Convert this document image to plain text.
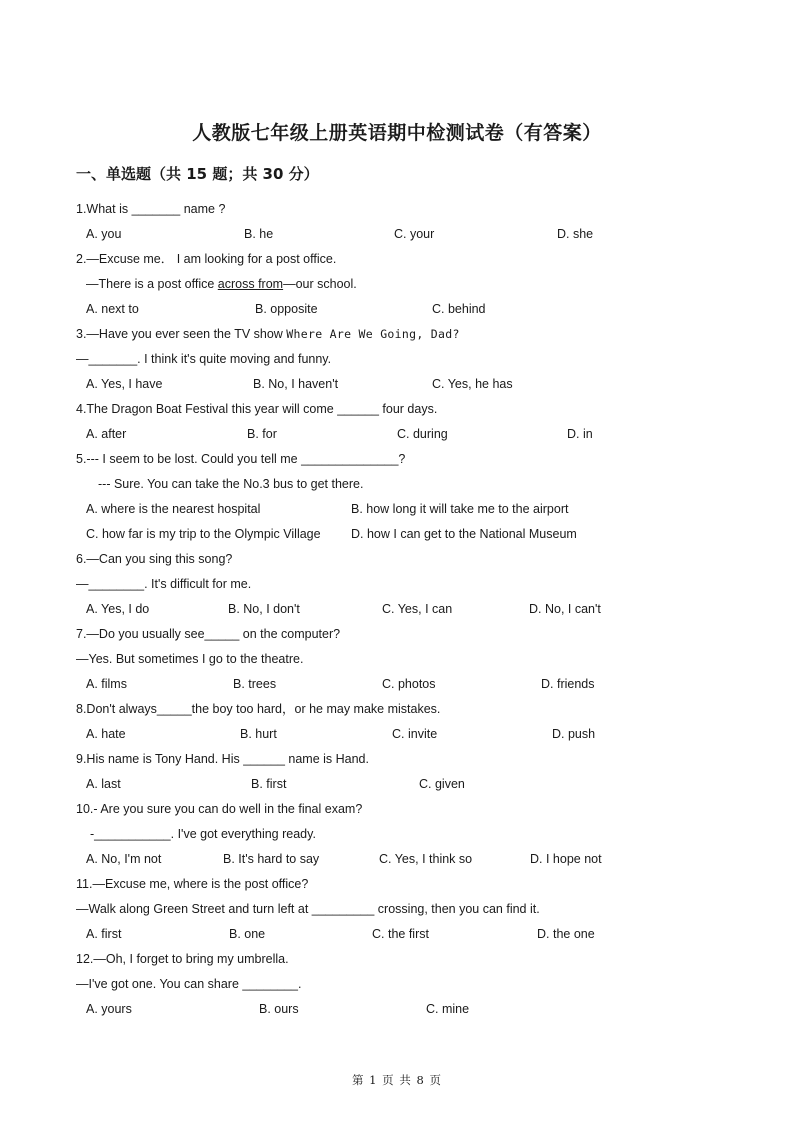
人教版七年级上册英语期中检测试卷（有答案）
一、单选题（共 15 题；共 30 分）
1.What is _______ name ?
A. you	B. he	C. your	D. she
2.—Excuse me． I am looking for a post office.
—There is a post office across from—our school.
A. next to	B. opposite	C. behind
3.—Have you ever seen the TV show Where Are We Going, Dad?
—_______. I think it's quite moving and funny.
A. Yes, I have	B. No, I haven't	C. Yes, he has
4.The Dragon Boat Festival this year will come ______ four days.
A. after	B. for	C. during	D. in
5.--- I seem to be lost. Could you tell me ______________?
--- Sure. You can take the No.3 bus to get there.
A. where is the nearest hospital	B. how long it will take me to the airport
C. how far is my trip to the Olympic Village D. how I can get to the National Museum
6.—Can you sing this song?
—________. It's difficult for me.
A. Yes, I do	B. No, I don't	C. Yes, I can	D. No, I can't
7.—Do you usually see_____ on the computer?
—Yes. But sometimes I go to the theatre.
A. films	B. trees	C. photos	D. friends
8.Don't always_____the boy too hard，or he may make mistakes.
A. hate	B. hurt	C. invite	D. push
9.His name is Tony Hand. His ______ name is Hand.
A. last	B. first	C. given
10.- Are you sure you can do well in the final exam?
-___________. I've got everything ready.
A. No, I'm not	B. It's hard to say	C. Yes, I think so	D. I hope not
11.—Excuse me, where is the post office?
—Walk along Green Street and turn left at _________ crossing, then you can find it.
A. first	B. one	C. the first	D. the one
12.—Oh, I forget to bring my umbrella.
—I've got one. You can share ________.
A. yours	B. ours	C. mine
第 1 页 共 8 页
